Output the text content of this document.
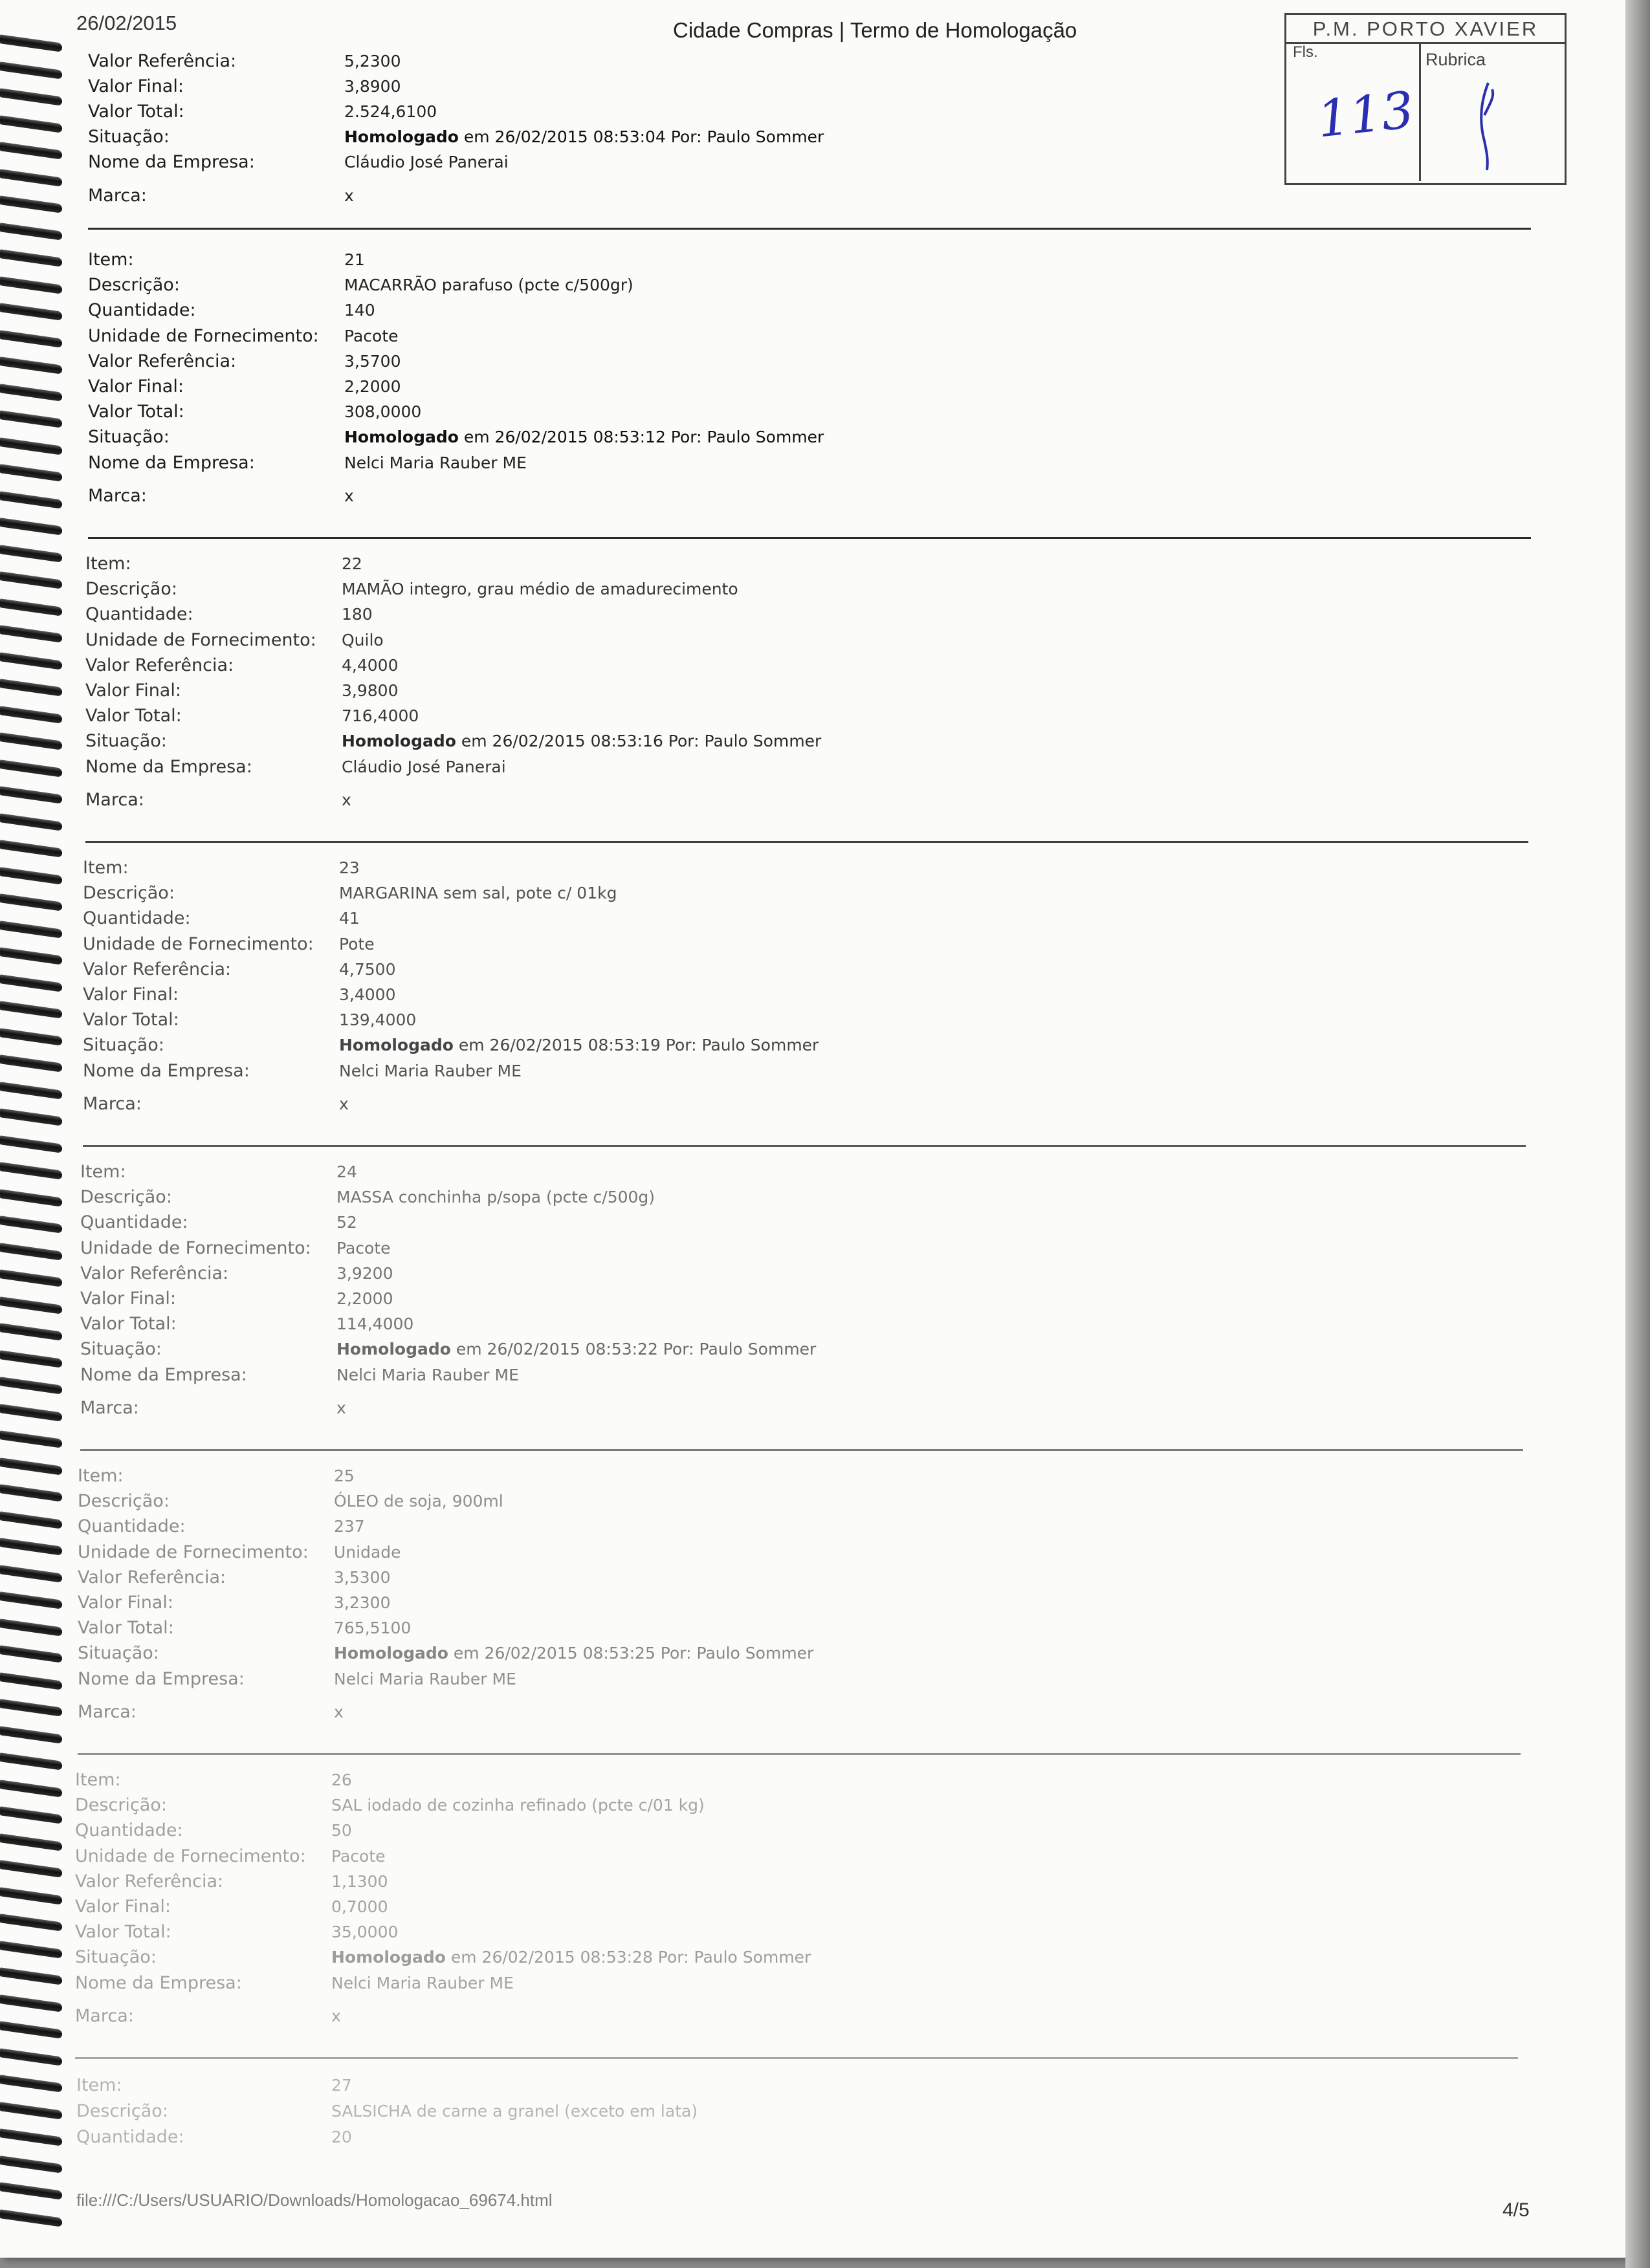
26/02/2015	Cidade Compras | Termo de Homologação	P.M. PORTO XAVIER
Fls.	Rubrica
113
Valor Referência:	5,2300
Valor Final:	3,8900
Valor Total:	2.524,6100
Situação:	Homologado em 26/02/2015 08:53:04 Por: Paulo Sommer
Nome da Empresa:	Cláudio José Panerai
Marca:	x
Item:	21
Descrição:	MACARRÃO parafuso (pcte c/500gr)
Quantidade:	140
Unidade de Fornecimento: Pacote
Valor Referência:	3,5700
Valor Final:	2,2000
Valor Total:	308,0000
Situação:	Homologado em 26/02/2015 08:53:12 Por: Paulo Sommer
Nome da Empresa:	Nelci Maria Rauber ME
Marca:	x
Item:	22
Descrição:	MAMÃO integro, grau médio de amadurecimento
Quantidade:	180
Unidade de Fornecimento: Quilo
Valor Referência:	4,4000
Valor Final:	3,9800
Valor Total:	716,4000
Situação:	Homologado em 26/02/2015 08:53:16 Por: Paulo Sommer
Nome da Empresa:	Cláudio José Panerai
Marca:	x
Item:	23
Descrição:	MARGARINA sem sal, pote c/ 01kg
Quantidade:	41
Unidade de Fornecimento: Pote
Valor Referência:	4,7500
Valor Final:	3,4000
Valor Total:	139,4000
Situação:	Homologado em 26/02/2015 08:53:19 Por: Paulo Sommer
Nome da Empresa:	Nelci Maria Rauber ME
Marca:	x
Item:	24
Descrição:	MASSA conchinha p/sopa (pcte c/500g)
Quantidade:	52
Unidade de Fornecimento: Pacote
Valor Referência:	3,9200
Valor Final:	2,2000
Valor Total:	114,4000
Situação:	Homologado em 26/02/2015 08:53:22 Por: Paulo Sommer
Nome da Empresa:	Nelci Maria Rauber ME
Marca:	x
Item:	25
Descrição:	ÓLEO de soja, 900ml
Quantidade:	237
Unidade de Fornecimento: Unidade
Valor Referência:	3,5300
Valor Final:	3,2300
Valor Total:	765,5100
Situação:	Homologado em 26/02/2015 08:53:25 Por: Paulo Sommer
Nome da Empresa:	Nelci Maria Rauber ME
Marca:	x
Item:	26
Descrição:	SAL iodado de cozinha refinado (pcte c/01 kg)
Quantidade:	50
Unidade de Fornecimento: Pacote
Valor Referência:	1,1300
Valor Final:	0,7000
Valor Total:	35,0000
Situação:	Homologado em 26/02/2015 08:53:28 Por: Paulo Sommer
Nome da Empresa:	Nelci Maria Rauber ME
Marca:	x
Item:	27
Descrição:	SALSICHA de carne a granel (exceto em lata)
Quantidade:	20
file:///C:/Users/USUARIO/Downloads/Homologacao_69674.html	4/5
